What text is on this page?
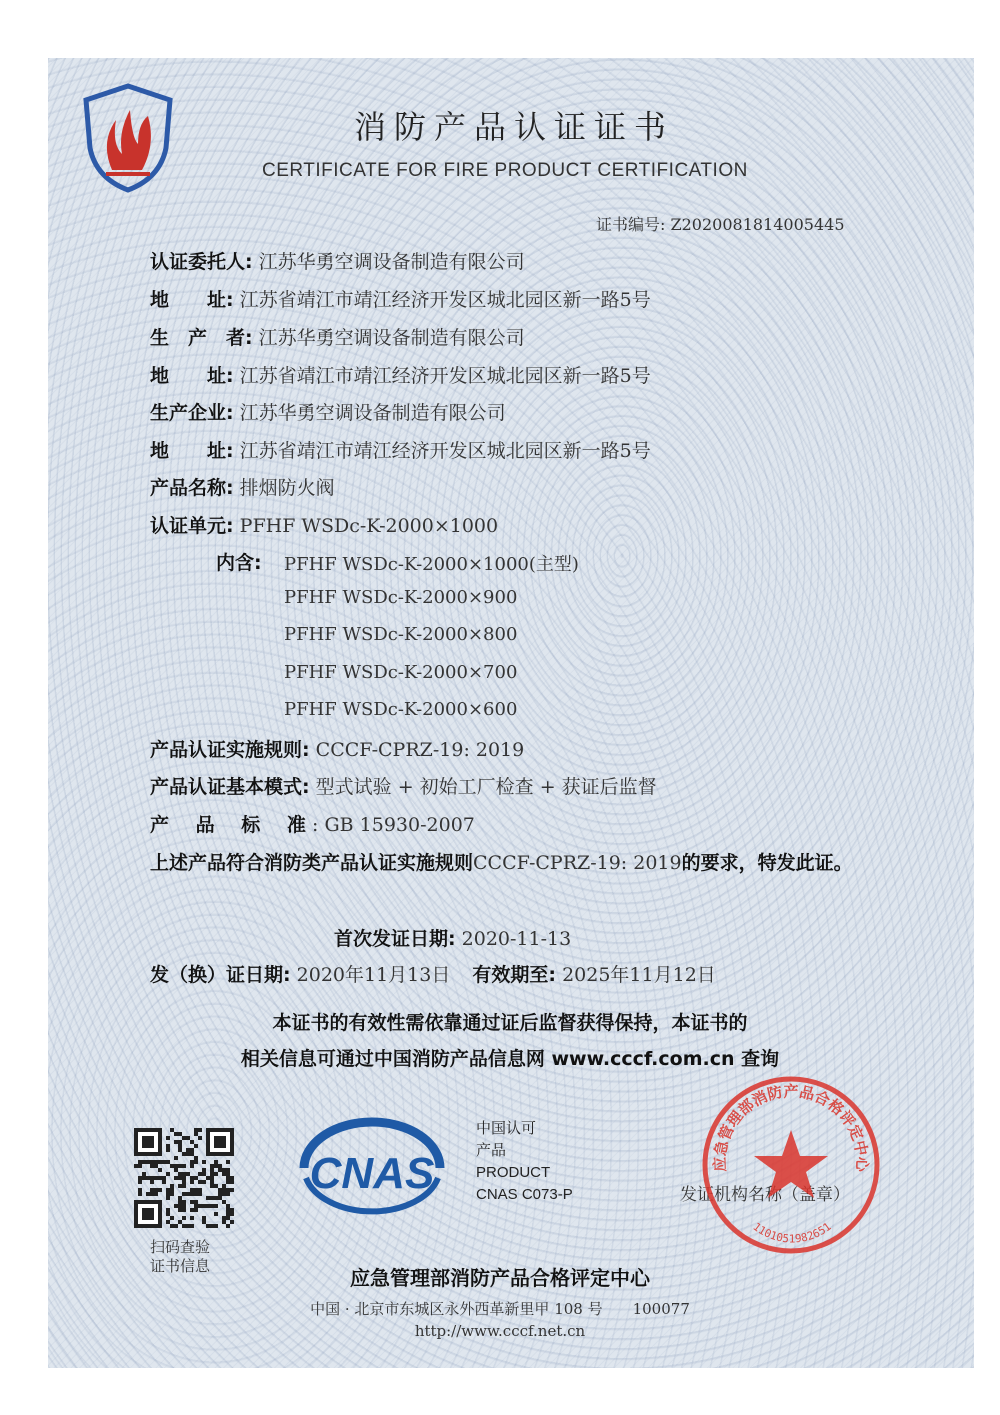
消防产品认证证书
CERTIFICATE FOR FIRE PRODUCT CERTIFICATION
证书编号: Z2020081814005445
认证委托人: 江苏华勇空调设备制造有限公司
地　　址: 江苏省靖江市靖江经济开发区城北园区新一路5号
生　产　者: 江苏华勇空调设备制造有限公司
地　　址: 江苏省靖江市靖江经济开发区城北园区新一路5号
生产企业: 江苏华勇空调设备制造有限公司
地　　址: 江苏省靖江市靖江经济开发区城北园区新一路5号
产品名称: 排烟防火阀
认证单元: PFHF WSDc-K-2000×1000
内含: PFHF WSDc-K-2000×1000(主型)
PFHF WSDc-K-2000×900
PFHF WSDc-K-2000×800
PFHF WSDc-K-2000×700
PFHF WSDc-K-2000×600
产品认证实施规则: CCCF-CPRZ-19: 2019
产品认证基本模式: 型式试验 + 初始工厂检查 + 获证后监督
产 品 标 准 : GB 15930-2007
上述产品符合消防类产品认证实施规则CCCF-CPRZ-19: 2019的要求，特发此证。
首次发证日期: 2020-11-13
发（换）证日期: 2020年11月13日 有效期至: 2025年11月12日
本证书的有效性需依靠通过证后监督获得保持，本证书的
相关信息可通过中国消防产品信息网 www.cccf.com.cn 查询
扫码查验
证书信息
CNAS
中国认可
产品
PRODUCT
CNAS C073-P	发证机构名称（盖章）
应急管理部消防产品合格评定中心
1101051982651
应急管理部消防产品合格评定中心
中国 · 北京市东城区永外西革新里甲 108 号　　100077
http://www.cccf.net.cn
